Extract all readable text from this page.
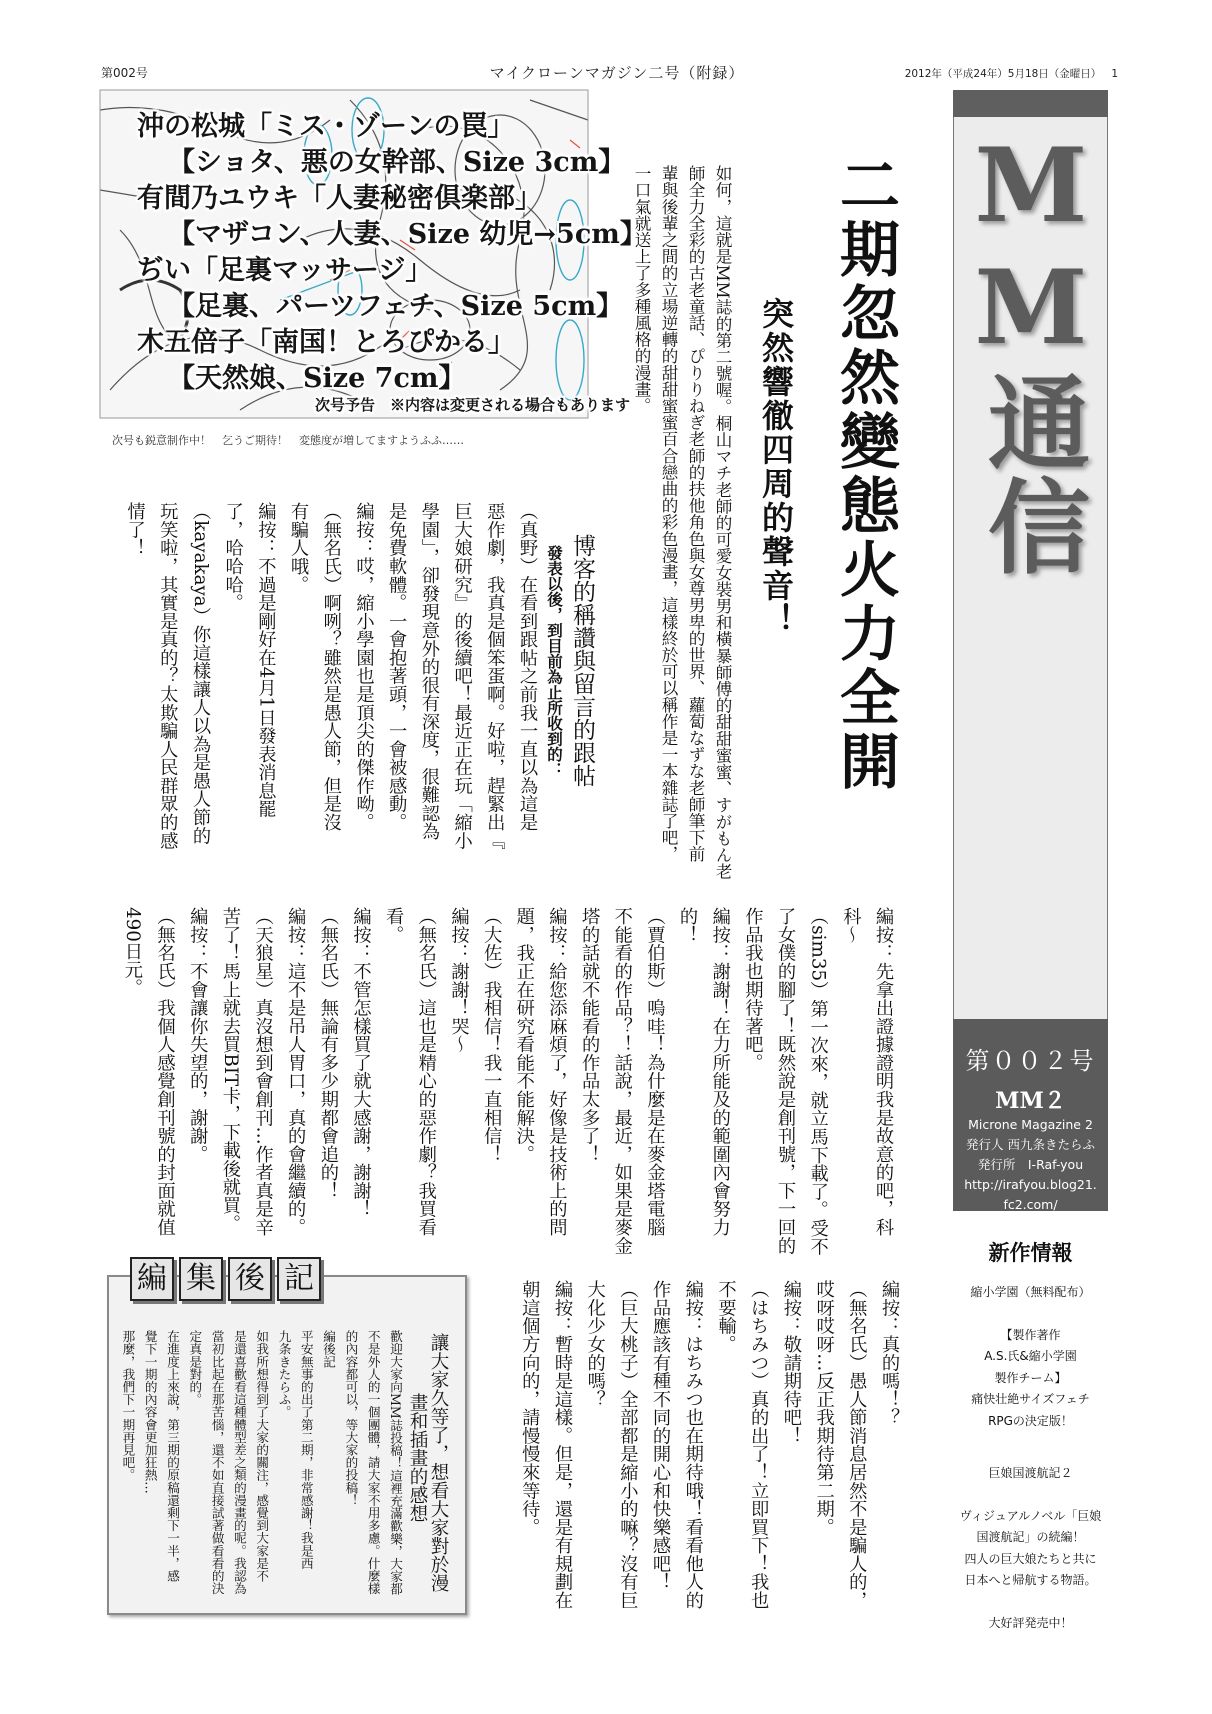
第002号	マイクローンマガジン二号（附録）	2012年（平成24年）5月18日（金曜日） 1
沖の松城「ミス・ゾーンの罠」
【ショタ、悪の女幹部、Size 3cm】
有間乃ユウキ「人妻秘密倶楽部」
【マザコン、人妻、Size 幼児→5cm】
ぢい「足裏マッサージ」
【足裏、パーツフェチ、Size 5cm】
木五倍子「南国！とろぴかる」
【天然娘、Size 7cm】
次号予告　※内容は変更される場合もあります
次号も鋭意制作中！　乞うご期待！　変態度が増してますようふふ……	MM通信
第００２号
MM２
Microne Magazine 2
発行人 西九条きたらふ
発行所　I-Raf-you
http://irafyou.blog21.
fc2.com/
新作情報
縮小学園（無料配布）
【製作著作
A.S.氏&縮小学園
製作チーム】
痛快壮絶サイズフェチ
RPGの決定版！
巨娘国渡航記２
ヴィジュアルノベル「巨娘
国渡航記」の続編！
四人の巨大娘たちと共に
日本へと帰航する物語。
大好評発売中！
二期忽然變態火力全開
突然響徹四周的聲音！
如何，這就是MM誌的第二號喔。桐山マチ老師的可愛女裝男和橫暴師傅的甜甜蜜蜜、すがもん老
師全力全彩的古老童話、ぴりりねぎ老師的扶他角色與女尊男卑的世界、蘿蔔なずな老師筆下前
輩與後輩之間的立場逆轉的甜甜蜜蜜百合戀曲的彩色漫畫，這樣終於可以稱作是一本雜誌了吧，
一口氣就送上了多種風格的漫畫。
博客的稱讚與留言的跟帖
發表以後，到目前為止所收到的：
（真野）在看到跟帖之前我一直以為這是
惡作劇，我真是個笨蛋啊。好啦，趕緊出『
巨大娘研究』的後續吧！最近正在玩「縮小
學園」，卻發現意外的很有深度，很難認為
是免費軟體。一會抱著頭，一會被感動。
編按：哎，縮小學園也是頂尖的傑作呦。
（無名氏）啊咧？雖然是愚人節，但是沒
有騙人哦。
編按：不過是剛好在4月1日發表消息罷
了，哈哈哈。
（kayakaya）你這樣讓人以為是愚人節的
玩笑啦，其實是真的？太欺騙人民群眾的感
情了！
編按：先拿出證據證明我是故意的吧，科
科～
（sim35）第一次來，就立馬下載了。受不
了女僕的腳了！既然說是創刊號，下一回的
作品我也期待著吧。
編按：謝謝！在力所能及的範圍內會努力
的！
（賈伯斯）嗚哇！為什麼是在麥金塔電腦
不能看的作品？！話說，最近，如果是麥金
塔的話就不能看的作品太多了！
編按：給您添麻煩了，好像是技術上的問
題，我正在研究看能不能解決。
（大佐）我相信！我一直相信！
編按：謝謝！哭～
（無名氏）這也是精心的惡作劇？我買看
看。
編按：不管怎樣買了就大感謝，謝謝！
（無名氏）無論有多少期都會追的！
編按：這不是吊人胃口，真的會繼續的。
（天狼星）真沒想到會創刊…作者真是辛
苦了！馬上就去買BIT卡，下載後就買。
編按：不會讓你失望的，謝謝。
（無名氏）我個人感覺創刊號的封面就值
490日元。
編按：真的嗎！？
（無名氏）愚人節消息居然不是騙人的，
哎呀哎呀…反正我期待第二期。
編按：敬請期待吧！
（はちみつ）真的出了！立即買下！我也
不要輸。
編按：はちみつ也在期待哦！看看他人的
作品應該有種不同的開心和快樂感吧！
（巨大桃子）全部都是縮小的嘛？沒有巨
大化少女的嗎？
編按：暫時是這樣。但是，還是有規劃在
朝這個方向的，請慢慢來等待。
編 集 後 記
讓大家久等了，想看大家對於漫
畫和插畫的感想
歡迎大家向MM誌投稿！這裡充滿歡樂，大家都
不是外人的一個團體，請大家不用多慮。什麼樣
的內容都可以，等大家的投稿！
編後記
平安無事的出了第二期，非常感謝！我是西
九条きたらふ。
如我所想得到了大家的關注，感覺到大家是不
是還喜歡看這種體型差之類的漫畫的呢。我認為
當初比起在那苦惱，還不如直接試著做看看的決
定真是對的。
在進度上來說，第三期的原稿還剩下一半，感
覺下一期的內容會更加狂熱…
那麼，我們下一期再見吧。
